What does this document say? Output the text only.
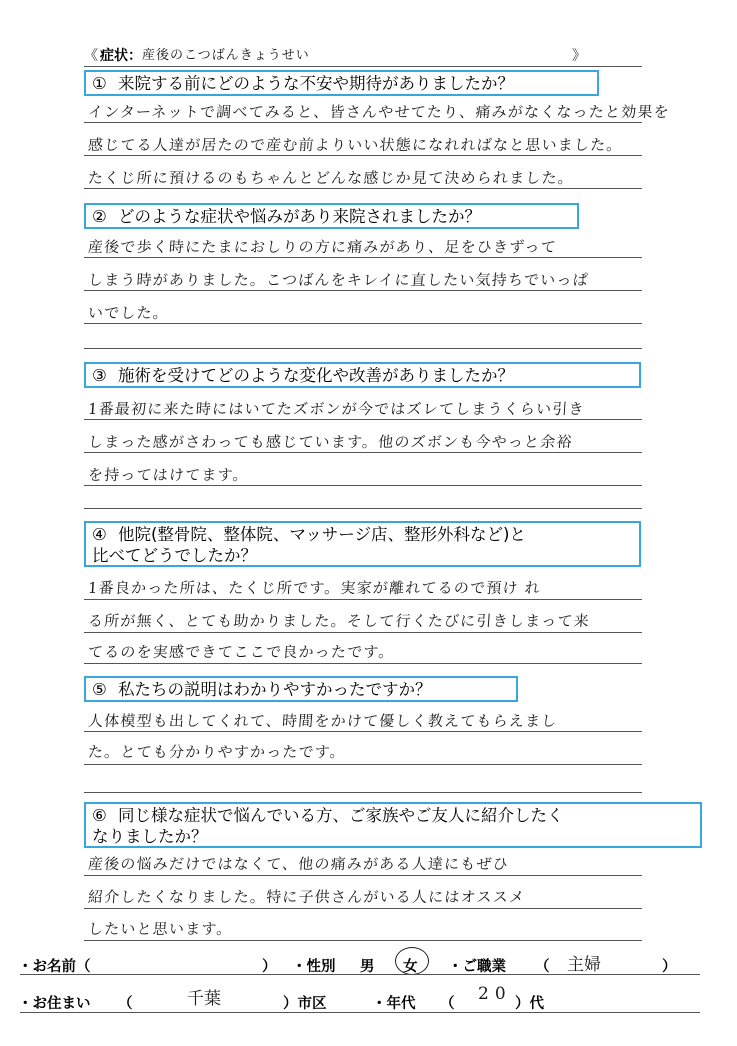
《 症状： 産後のこつばんきょうせい	》
① 来院する前にどのような不安や期待がありましたか？
インターネットで調べてみると、皆さんやせてたり、痛みがなくなったと効果を
感じてる人達が居たので産む前よりいい状態になれればなと思いました。
たくじ所に預けるのもちゃんとどんな感じか見て決められました。
② どのような症状や悩みがあり来院されましたか？
産後で歩く時にたまにおしりの方に痛みがあり、足をひきずって
しまう時がありました。こつばんをキレイに直したい気持ちでいっぱ
いでした。
③ 施術を受けてどのような変化や改善がありましたか？
1番最初に来た時にはいてたズボンが今ではズレてしまうくらい引き
しまった感がさわっても感じています。他のズボンも今やっと余裕
を持ってはけてます。
④ 他院(整骨院、整体院、マッサージ店、整形外科など)と
比べてどうでしたか？
1番良かった所は、たくじ所です。実家が離れてるので預け れ
る所が無く、とても助かりました。そして行くたびに引きしまって来
てるのを実感できてここで良かったです。
⑤ 私たちの説明はわかりやすかったですか？
人体模型も出してくれて、時間をかけて優しく教えてもらえまし
た。とても分かりやすかったです。
⑥ 同じ様な症状で悩んでいる方、ご家族やご友人に紹介したく
なりましたか？
産後の悩みだけではなくて、他の痛みがある人達にもぜひ
紹介したくなりました。特に子供さんがいる人にはオススメ
したいと思います。
・お名前（	） ・性別 男 女 ・ご職業 （ 主婦	）
・お住まい （	千葉	）市区	・年代 （ 20 ）代
